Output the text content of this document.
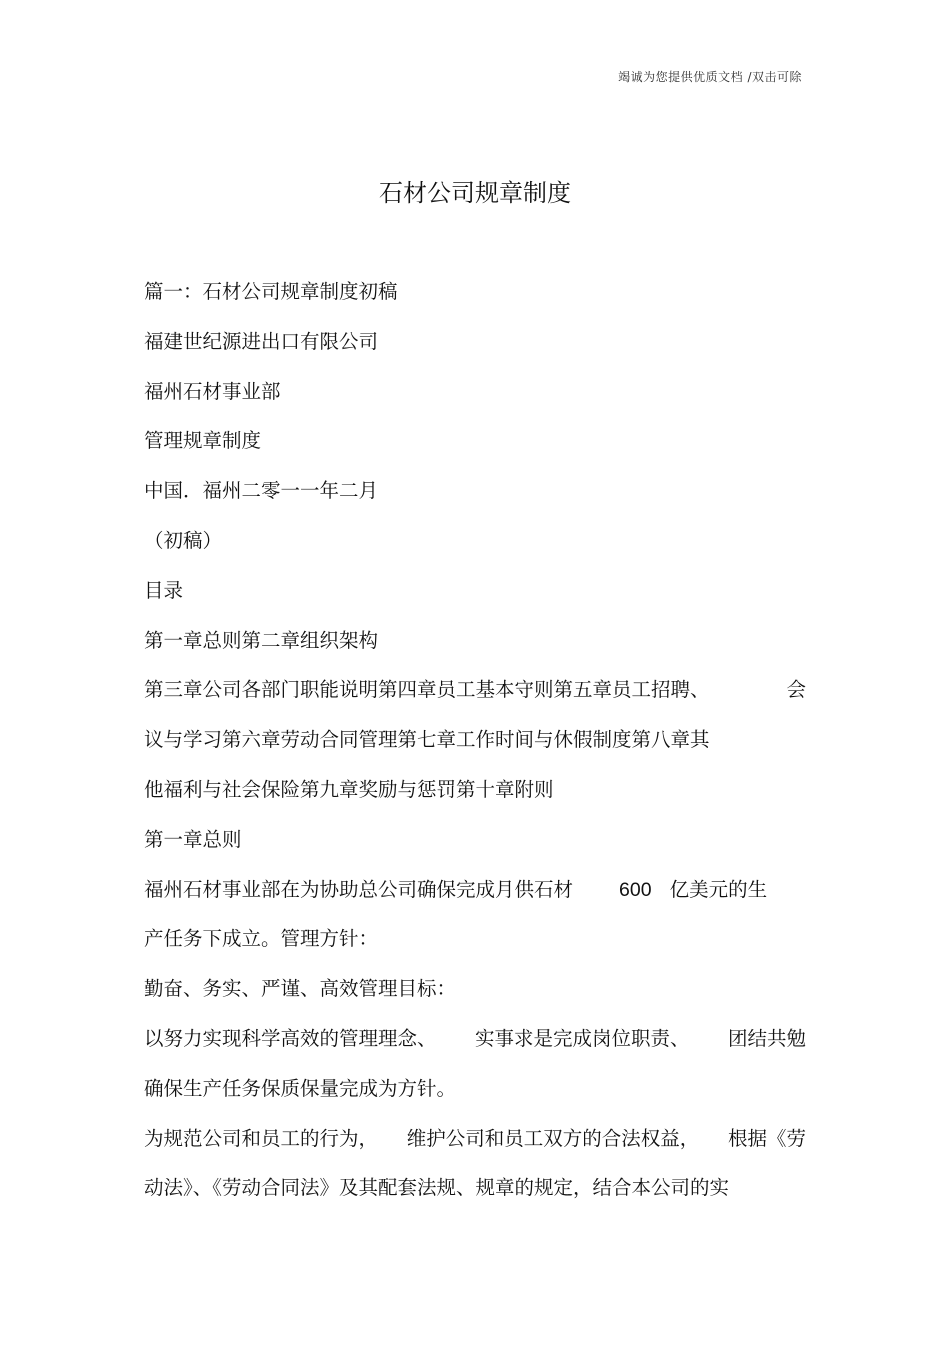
竭诚为您提供优质文档 /双击可除
石材公司规章制度
篇一：石材公司规章制度初稿
福建世纪源进出口有限公司
福州石材事业部
管理规章制度
中国．福州二零一一年二月
（初稿）
目录
第一章总则第二章组织架构
第三章公司各部门职能说明第四章员工基本守则第五章员工招聘、	会
议与学习第六章劳动合同管理第七章工作时间与休假制度第八章其
他福利与社会保险第九章奖励与惩罚第十章附则
第一章总则
福州石材事业部在为协助总公司确保完成月供石材 600 亿美元的生
产任务下成立。管理方针：
勤奋、务实、严谨、高效管理目标：
以努力实现科学高效的管理理念、 实事求是完成岗位职责、 团结共勉
确保生产任务保质保量完成为方针。
为规范公司和员工的行为， 维护公司和员工双方的合法权益， 根据《劳
动法》、《劳动合同法》及其配套法规、规章的规定，结合本公司的实
